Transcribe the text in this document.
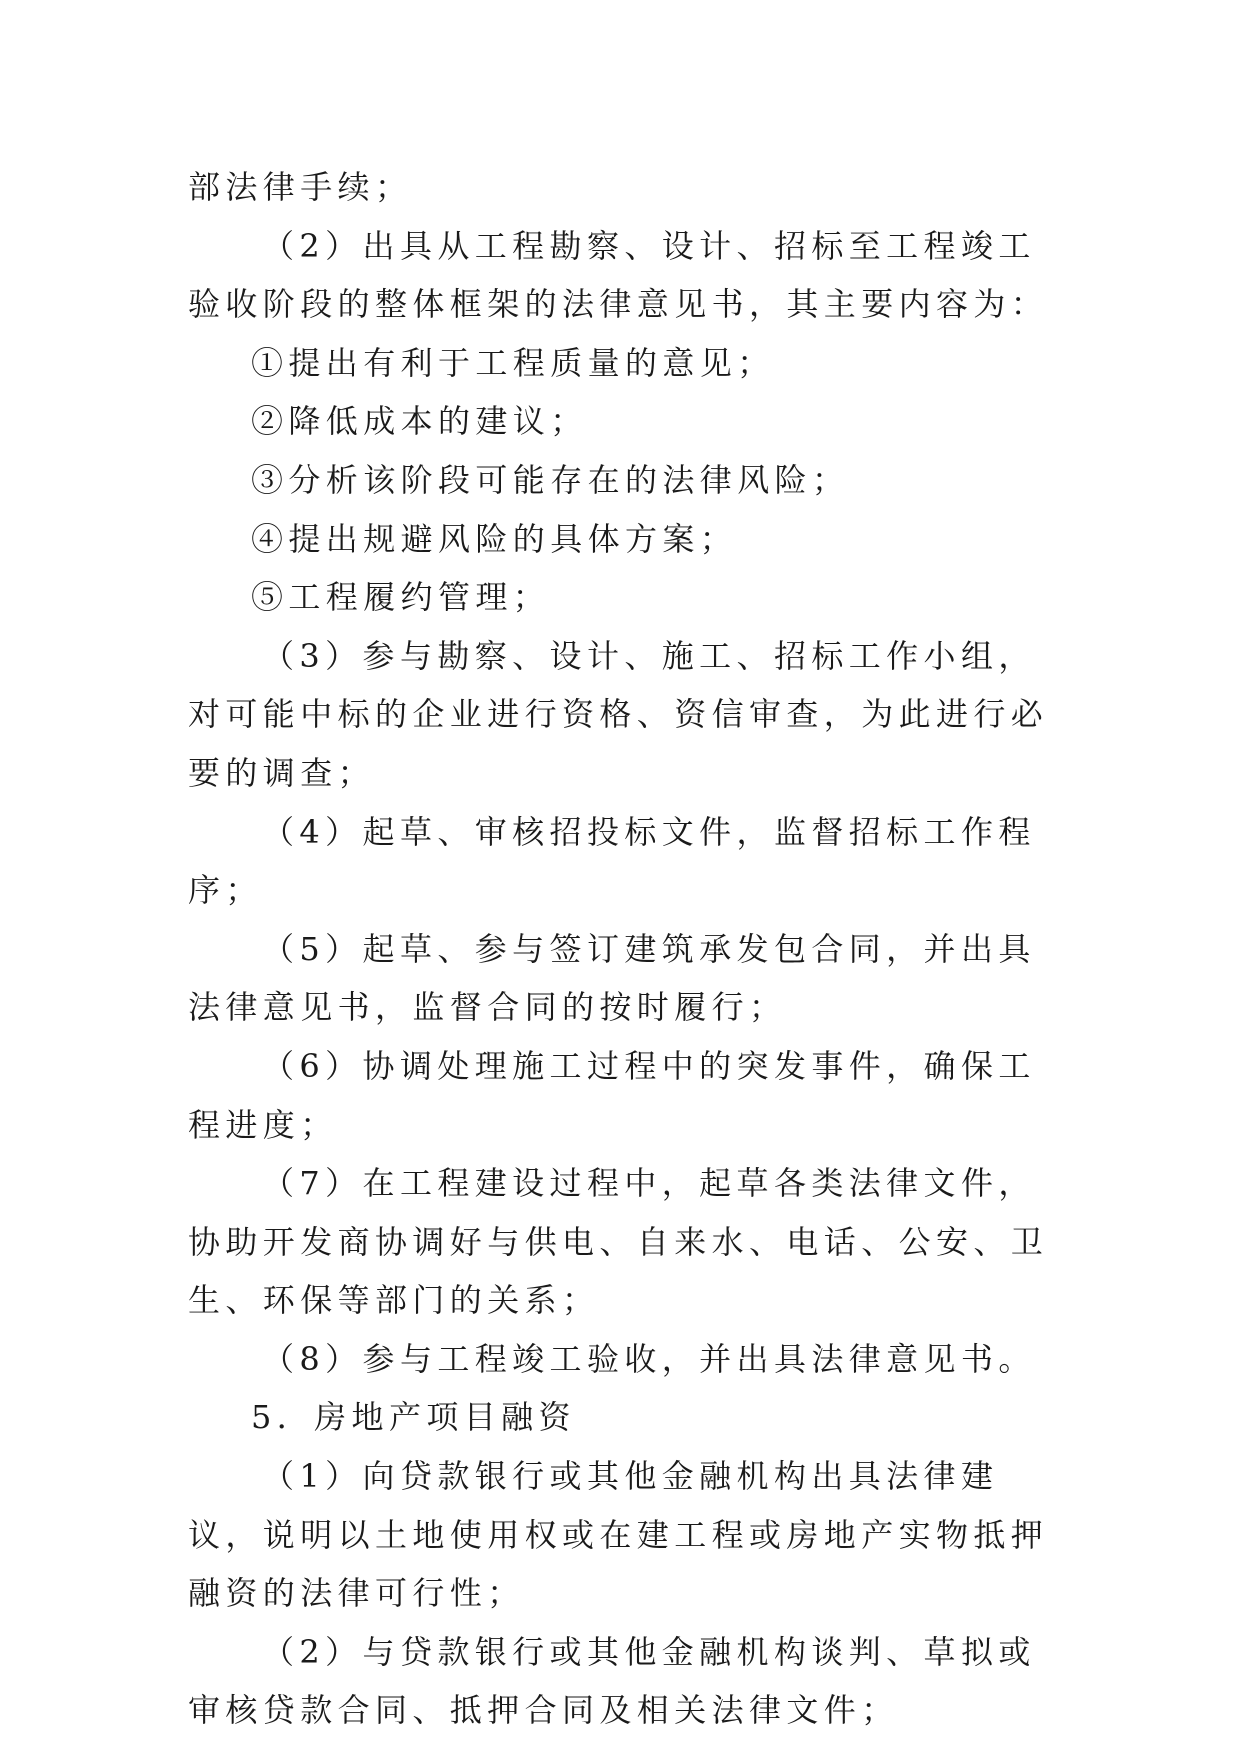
部法律手续；

（2）出具从工程勘察、设计、招标至工程竣工验收阶段的整体框架的法律意见书，其主要内容为：

①提出有利于工程质量的意见；

②降低成本的建议；

③分析该阶段可能存在的法律风险；

④提出规避风险的具体方案；

⑤工程履约管理；

（3）参与勘察、设计、施工、招标工作小组，对可能中标的企业进行资格、资信审查，为此进行必要的调查；

（4）起草、审核招投标文件，监督招标工作程序；

（5）起草、参与签订建筑承发包合同，并出具法律意见书，监督合同的按时履行；

（6）协调处理施工过程中的突发事件，确保工程进度；

（7）在工程建设过程中，起草各类法律文件，协助开发商协调好与供电、自来水、电话、公安、卫生、环保等部门的关系；

（8）参与工程竣工验收，并出具法律意见书。

5．房地产项目融资

（1）向贷款银行或其他金融机构出具法律建议，说明以土地使用权或在建工程或房地产实物抵押融资的法律可行性；

（2）与贷款银行或其他金融机构谈判、草拟或审核贷款合同、抵押合同及相关法律文件；
